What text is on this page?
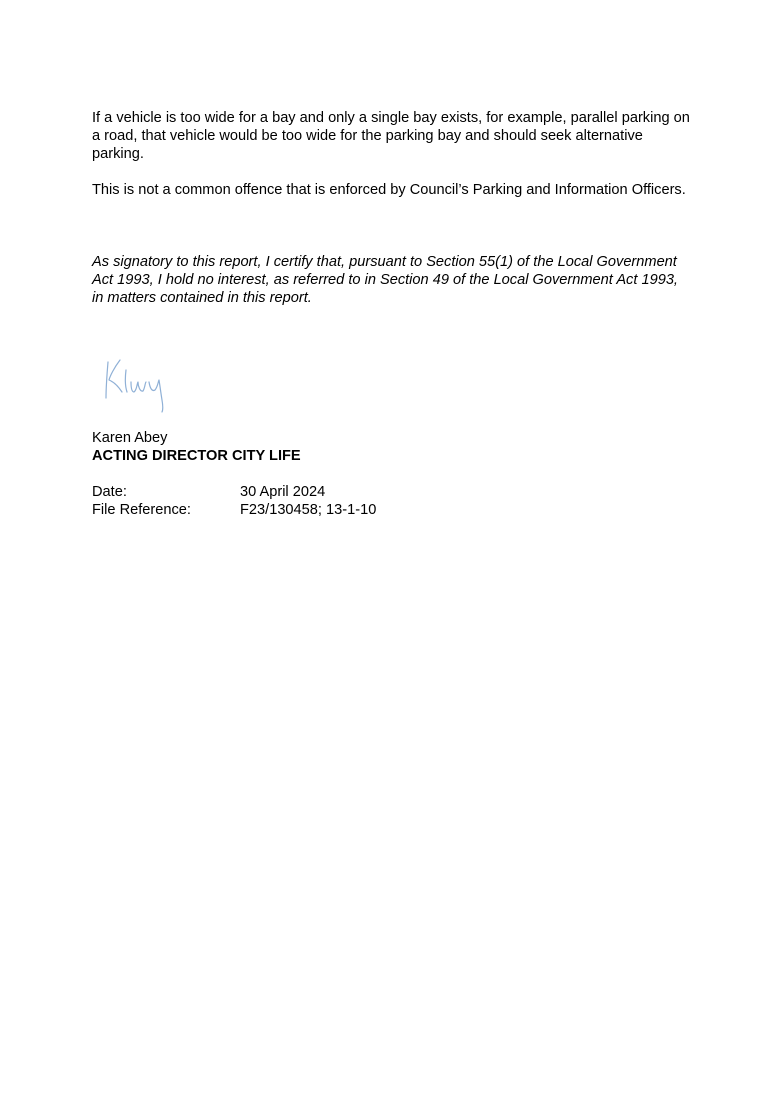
If a vehicle is too wide for a bay and only a single bay exists, for example, parallel parking on a road, that vehicle would be too wide for the parking bay and should seek alternative parking.

This is not a common offence that is enforced by Council’s Parking and Information Officers.

As signatory to this report, I certify that, pursuant to Section 55(1) of the Local Government Act 1993, I hold no interest, as referred to in Section 49 of the Local Government Act 1993, in matters contained in this report.

Karen Abey
ACTING DIRECTOR CITY LIFE
Date:	30 April 2024
File Reference:	F23/130458; 13-1-10
